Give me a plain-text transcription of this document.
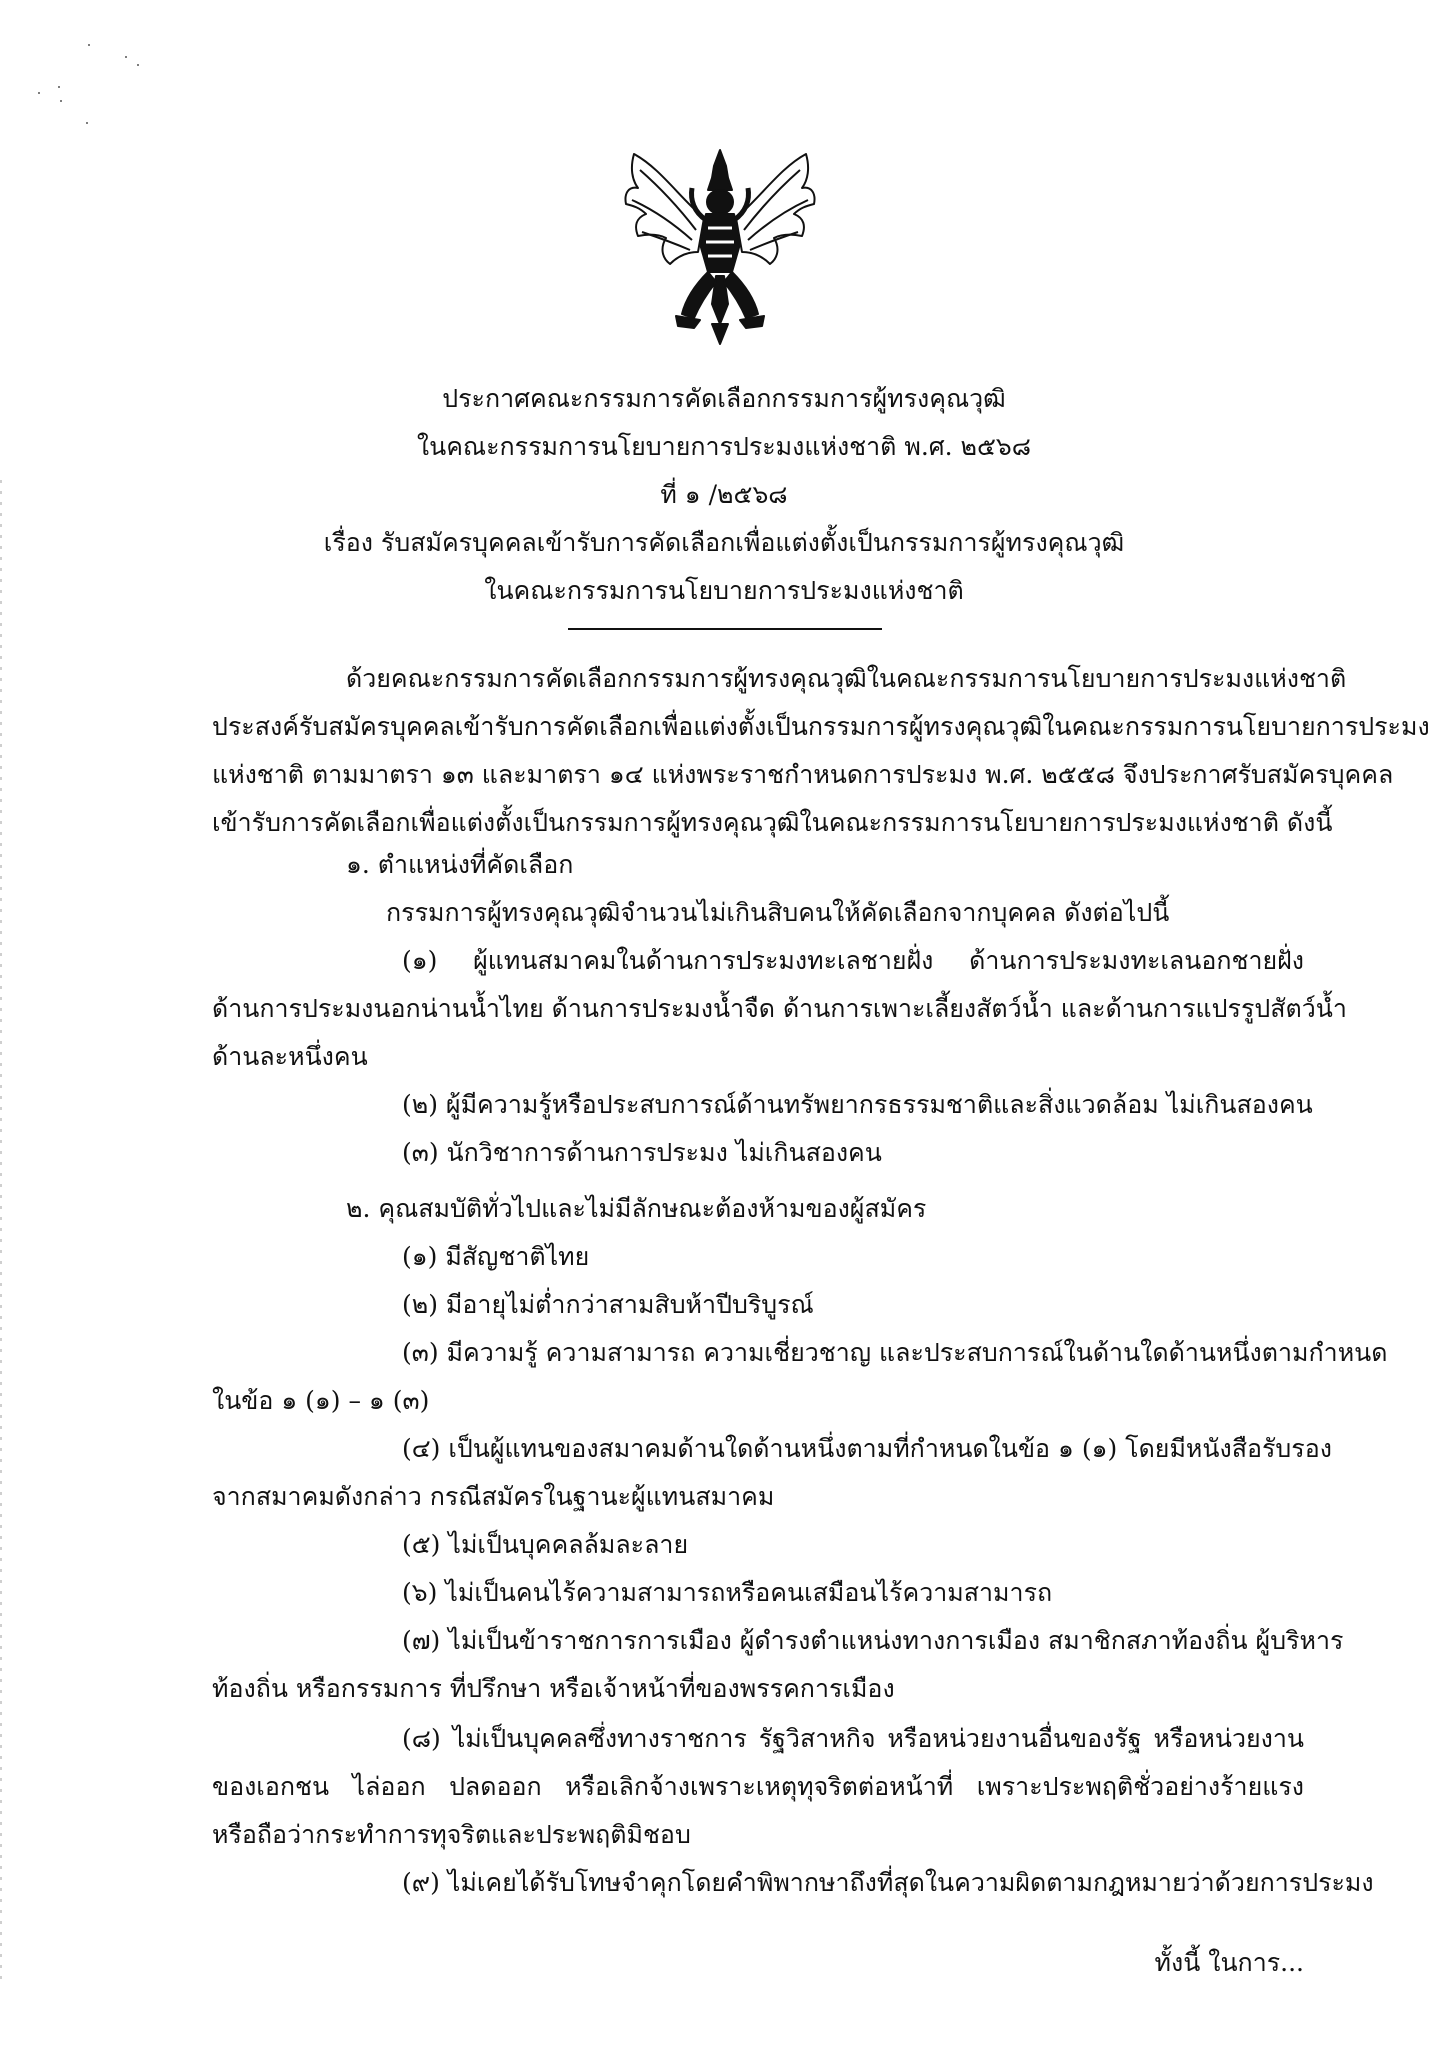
ประกาศคณะกรรมการคัดเลือกกรรมการผู้ทรงคุณวุฒิ
ในคณะกรรมการนโยบายการประมงแห่งชาติ พ.ศ. ๒๕๖๘
ที่ ๑ /๒๕๖๘
เรื่อง รับสมัครบุคคลเข้ารับการคัดเลือกเพื่อแต่งตั้งเป็นกรรมการผู้ทรงคุณวุฒิ
ในคณะกรรมการนโยบายการประมงแห่งชาติ
ด้วยคณะกรรมการคัดเลือกกรรมการผู้ทรงคุณวุฒิในคณะกรรมการนโยบายการประมงแห่งชาติ
ประสงค์รับสมัครบุคคลเข้ารับการคัดเลือกเพื่อแต่งตั้งเป็นกรรมการผู้ทรงคุณวุฒิในคณะกรรมการนโยบายการประมง
แห่งชาติ ตามมาตรา ๑๓ และมาตรา ๑๔ แห่งพระราชกำหนดการประมง พ.ศ. ๒๕๕๘ จึงประกาศรับสมัครบุคคล
เข้ารับการคัดเลือกเพื่อแต่งตั้งเป็นกรรมการผู้ทรงคุณวุฒิในคณะกรรมการนโยบายการประมงแห่งชาติ ดังนี้
๑. ตำแหน่งที่คัดเลือก
กรรมการผู้ทรงคุณวุฒิจำนวนไม่เกินสิบคนให้คัดเลือกจากบุคคล ดังต่อไปนี้
(๑) ผู้แทนสมาคมในด้านการประมงทะเลชายฝั่ง ด้านการประมงทะเลนอกชายฝั่ง
ด้านการประมงนอกน่านน้ำไทย ด้านการประมงน้ำจืด ด้านการเพาะเลี้ยงสัตว์น้ำ และด้านการแปรรูปสัตว์น้ำ
ด้านละหนึ่งคน
(๒) ผู้มีความรู้หรือประสบการณ์ด้านทรัพยากรธรรมชาติและสิ่งแวดล้อม ไม่เกินสองคน
(๓) นักวิชาการด้านการประมง ไม่เกินสองคน
๒. คุณสมบัติทั่วไปและไม่มีลักษณะต้องห้ามของผู้สมัคร
(๑) มีสัญชาติไทย
(๒) มีอายุไม่ต่ำกว่าสามสิบห้าปีบริบูรณ์
(๓) มีความรู้ ความสามารถ ความเชี่ยวชาญ และประสบการณ์ในด้านใดด้านหนึ่งตามกำหนด
ในข้อ ๑ (๑) – ๑ (๓)
(๔) เป็นผู้แทนของสมาคมด้านใดด้านหนึ่งตามที่กำหนดในข้อ ๑ (๑) โดยมีหนังสือรับรอง
จากสมาคมดังกล่าว กรณีสมัครในฐานะผู้แทนสมาคม
(๕) ไม่เป็นบุคคลล้มละลาย
(๖) ไม่เป็นคนไร้ความสามารถหรือคนเสมือนไร้ความสามารถ
(๗) ไม่เป็นข้าราชการการเมือง ผู้ดำรงตำแหน่งทางการเมือง สมาชิกสภาท้องถิ่น ผู้บริหาร
ท้องถิ่น หรือกรรมการ ที่ปรึกษา หรือเจ้าหน้าที่ของพรรคการเมือง
(๘) ไม่เป็นบุคคลซึ่งทางราชการ รัฐวิสาหกิจ หรือหน่วยงานอื่นของรัฐ หรือหน่วยงาน
ของเอกชน ไล่ออก ปลดออก หรือเลิกจ้างเพราะเหตุทุจริตต่อหน้าที่ เพราะประพฤติชั่วอย่างร้ายแรง
หรือถือว่ากระทำการทุจริตและประพฤติมิชอบ
(๙) ไม่เคยได้รับโทษจำคุกโดยคำพิพากษาถึงที่สุดในความผิดตามกฎหมายว่าด้วยการประมง
ทั้งนี้ ในการ...
